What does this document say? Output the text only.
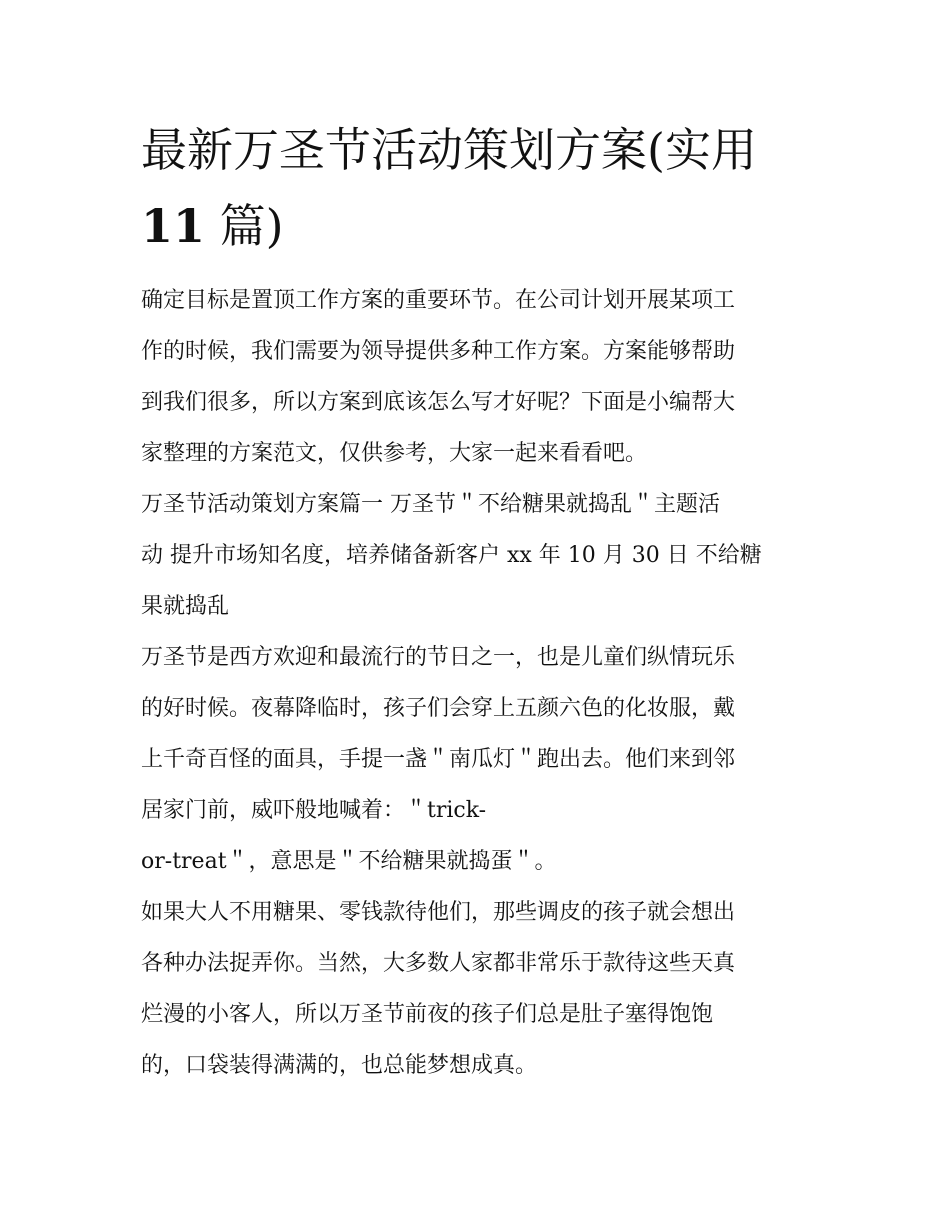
最新万圣节活动策划方案(实用
11 篇)
确定目标是置顶工作方案的重要环节。在公司计划开展某项工
作的时候，我们需要为领导提供多种工作方案。方案能够帮助
到我们很多，所以方案到底该怎么写才好呢？下面是小编帮大
家整理的方案范文，仅供参考，大家一起来看看吧。
万圣节活动策划方案篇一 万圣节＂不给糖果就捣乱＂主题活
动 提升市场知名度，培养储备新客户 xx 年 10 月 30 日 不给糖
果就捣乱
万圣节是西方欢迎和最流行的节日之一，也是儿童们纵情玩乐
的好时候。夜幕降临时，孩子们会穿上五颜六色的化妆服，戴
上千奇百怪的面具，手提一盏＂南瓜灯＂跑出去。他们来到邻
居家门前，威吓般地喊着：＂trick-
or-treat＂，意思是＂不给糖果就捣蛋＂。
如果大人不用糖果、零钱款待他们，那些调皮的孩子就会想出
各种办法捉弄你。当然，大多数人家都非常乐于款待这些天真
烂漫的小客人，所以万圣节前夜的孩子们总是肚子塞得饱饱
的，口袋装得满满的，也总能梦想成真。
